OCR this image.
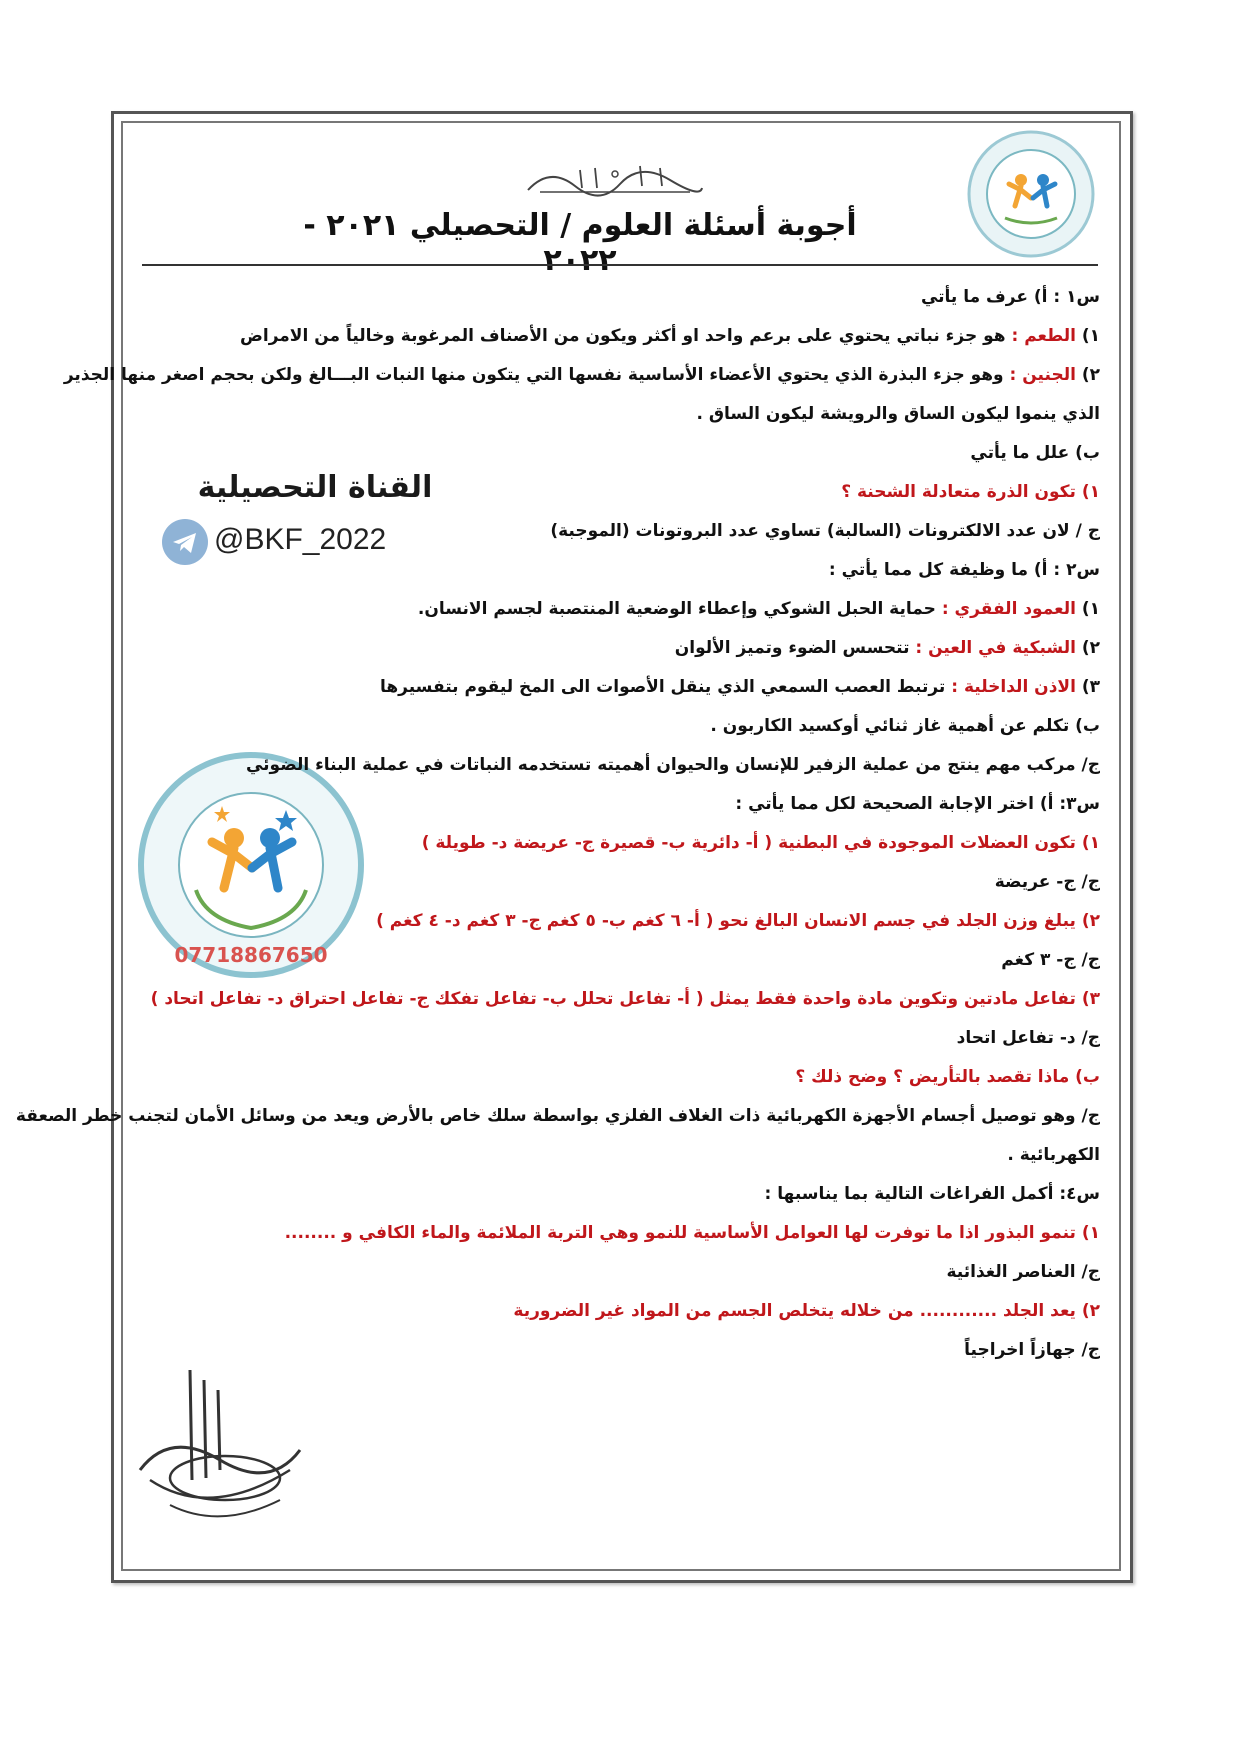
أجوبة أسئلة العلوم / التحصيلي ٢٠٢١ - ٢٠٢٢
القناة التحصيلية
@BKF_2022
07718867650
س١ : أ) عرف ما يأتي
١) الطعم : هو جزء نباتي يحتوي على برعم واحد او أكثر ويكون من الأصناف المرغوبة وخالياً من الامراض
٢) الجنين : وهو جزء البذرة الذي يحتوي الأعضاء الأساسية نفسها التي يتكون منها النبات البـــالغ ولكن بحجم اصغر منها الجذير
الذي ينموا ليكون الساق والرويشة ليكون الساق .
ب) علل ما يأتي
١) تكون الذرة متعادلة الشحنة ؟
ج / لان عدد الالكترونات (السالبة) تساوي عدد البروتونات (الموجبة)
س٢ : أ) ما وظيفة كل مما يأتي :
١) العمود الفقري : حماية الحبل الشوكي وإعطاء الوضعية المنتصبة لجسم الانسان.
٢) الشبكية في العين : تتحسس الضوء وتميز الألوان
٣) الاذن الداخلية : ترتبط العصب السمعي الذي ينقل الأصوات الى المخ ليقوم بتفسيرها
ب) تكلم عن أهمية غاز ثنائي أوكسيد الكاربون .
ج/ مركب مهم ينتج من عملية الزفير للإنسان والحيوان أهميته تستخدمه النباتات في عملية البناء الضوئي
س٣: أ) اختر الإجابة الصحيحة لكل مما يأتي :
١) تكون العضلات الموجودة في البطنية ( أ- دائرية ب- قصيرة ج- عريضة د- طويلة )
ج/ ج- عريضة
٢) يبلغ وزن الجلد في جسم الانسان البالغ نحو ( أ- ٦ كغم ب- ٥ كغم ج- ٣ كغم د- ٤ كغم )
ج/ ج- ٣ كغم
٣) تفاعل مادتين وتكوين مادة واحدة فقط يمثل ( أ- تفاعل تحلل ب- تفاعل تفكك ج- تفاعل احتراق د- تفاعل اتحاد )
ج/ د- تفاعل اتحاد
ب) ماذا تقصد بالتأريض ؟ وضح ذلك ؟
ج/ وهو توصيل أجسام الأجهزة الكهربائية ذات الغلاف الفلزي بواسطة سلك خاص بالأرض ويعد من وسائل الأمان لتجنب خطر الصعقة
الكهربائية .
س٤: أكمل الفراغات التالية بما يناسبها :
١) تنمو البذور اذا ما توفرت لها العوامل الأساسية للنمو وهي التربة الملائمة والماء الكافي و ........
ج/ العناصر الغذائية
٢) يعد الجلد ............ من خلاله يتخلص الجسم من المواد غير الضرورية
ج/ جهازاً اخراجياً
